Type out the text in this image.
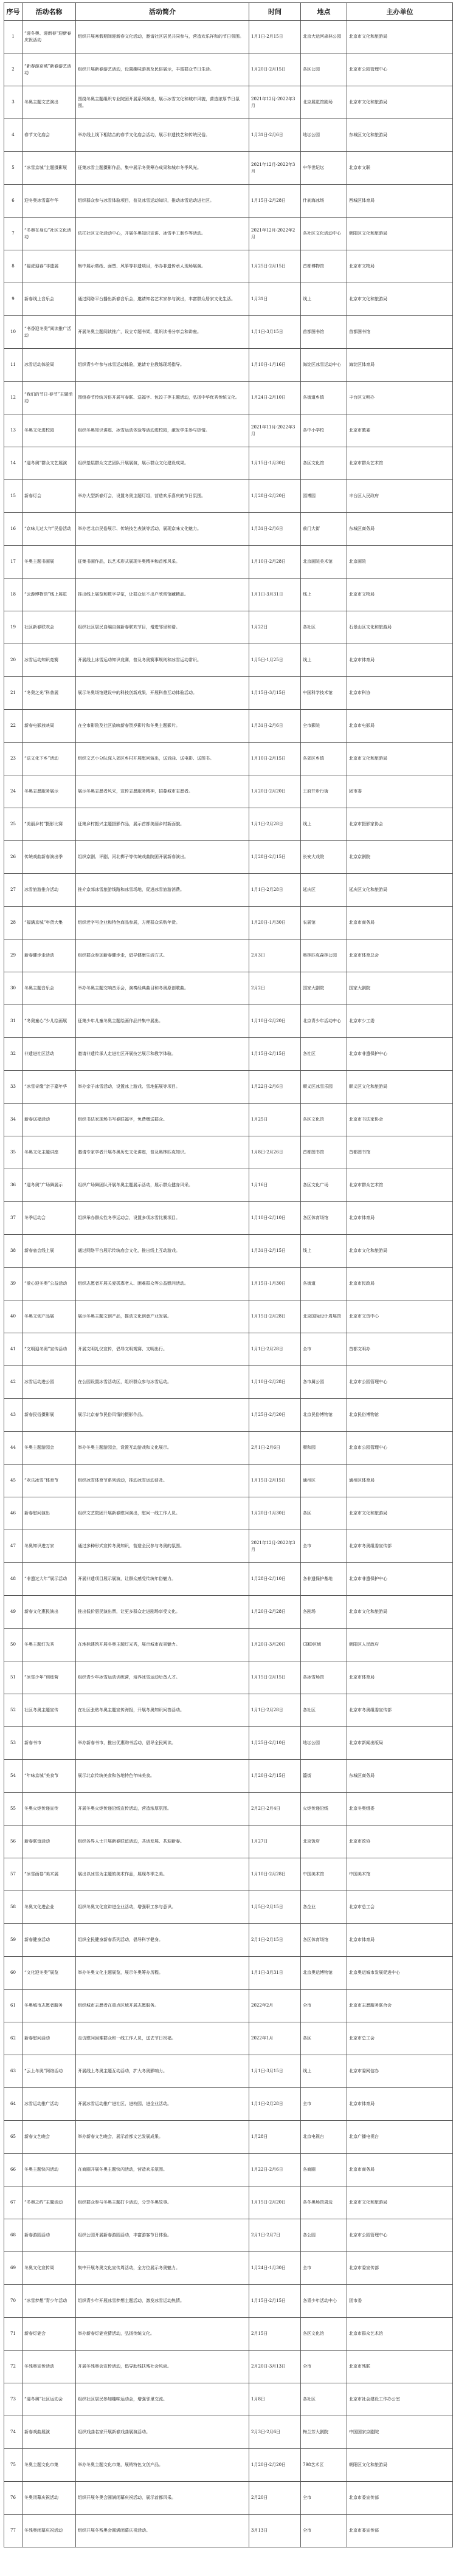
序号	活动名称	活动简介	时间	地点	主办单位
1	“迎冬奥、迎新春”迎新春庆祝活动	组织开展寒假期间迎新春文化活动，邀请社区居民共同参与，营造欢乐祥和的节日氛围。	1月1日-2月15日	北京大运河森林公园	北京市文化和旅游局
2	“新春游京城”新春游艺活动	组织开展新春游艺活动，设置趣味游戏及民俗展示，丰富群众节日生活。	1月20日-2月15日	各区公园	北京市公园管理中心
3	冬奥主题文艺演出	围绕冬奥主题组织专业院团开展系列演出，展示冰雪文化和城市风貌，营造浓厚节日氛围。	2021年12月-2022年3月	北京展览馆剧场	北京市文化和旅游局
4	春节文化庙会	举办线上线下相结合的春节文化庙会活动，展示非遗技艺和传统民俗。	1月31日-2月6日	地坛公园	东城区文化和旅游局
5	“冰雪京城”主题摄影展	征集冰雪主题摄影作品，集中展示冬奥筹办成果和城市冬季风光。	2021年12月-2022年3月	中华世纪坛	北京市文联
6	迎冬奥冰雪嘉年华	组织群众参与冰雪体验项目，普及冰雪运动知识，推动冰雪运动进社区。	1月15日-2月28日	什刹海冰场	西城区体育局
7	“冬奥在身边”社区文化活动	依托社区文化活动中心，开展冬奥知识宣讲、冰雪手工制作等活动。	2021年12月-2022年2月	各社区文化活动中心	朝阳区文化和旅游局
8	“福虎迎春”非遗展	集中展示剪纸、面塑、风筝等非遗项目，举办非遗传承人现场展演。	1月25日-2月15日	首都博物馆	北京市文物局
9	新春线上音乐会	通过网络平台播出新春音乐会，邀请知名艺术家参与演出，丰富群众居家文化生活。	1月31日	线上	北京市文化和旅游局
10	“书香迎冬奥”阅读推广活动	开展冬奥主题阅读推广，设立专题书架，组织读书分享会和讲座。	1月1日-3月15日	首都图书馆	首都图书馆
11	冰雪运动体验周	组织青少年参与冰雪运动体验，邀请专业教练现场指导。	1月10日-1月16日	海淀区冰雪运动中心	海淀区体育局
12	“我们的节日·春节”主题活动	围绕春节传统习俗开展写春联、送福字、包饺子等主题活动，弘扬中华优秀传统文化。	1月24日-2月10日	各街道乡镇	丰台区文明办
13	冬奥文化进校园	组织冬奥知识讲座、冰雪运动体验等活动进校园，激发学生参与热情。	2021年11月-2022年3月	各中小学校	北京市教委
14	“迎冬奥”群众文艺展演	组织基层群众文艺团队开展展演，展示群众文化建设成果。	1月15日-1月30日	各区文化馆	北京市群众艺术馆
15	新春灯会	举办大型新春灯会，设置冬奥主题灯组，营造欢乐喜庆的节日氛围。	1月28日-2月20日	园博园	丰台区人民政府
16	“京味儿过大年”民俗活动	举办老北京民俗展示、传统技艺表演等活动，展现京味文化魅力。	1月31日-2月6日	前门大街	东城区商务局
17	冬奥主题书画展	征集书画作品，以艺术形式展现冬奥精神和首都风采。	1月10日-2月28日	北京画院美术馆	北京画院
18	“云游博物馆”线上展览	推出线上展览和数字导览，让群众足不出户欣赏馆藏精品。	1月1日-3月31日	线上	北京市文物局
19	社区新春联欢会	组织社区居民自编自演新春联欢节目，增进邻里和谐。	1月22日	各社区	石景山区文化和旅游局
20	冰雪运动知识竞赛	开展线上冰雪运动知识竞赛，普及冬奥赛事规则和冰雪运动常识。	1月5日-1月25日	线上	北京市体育局
21	“冬奥之光”科普展	展示冬奥场馆建设中的科技创新成果，开展科普互动体验活动。	1月15日-3月15日	中国科学技术馆	北京市科协
22	新春电影放映周	在全市影院及社区放映新春贺岁影片和冬奥主题影片。	1月31日-2月6日	全市影院	北京市电影局
23	“送文化下乡”活动	组织文艺小分队深入郊区乡村开展慰问演出，送戏曲、送电影、送图书。	1月10日-2月15日	各郊区乡镇	北京市文化和旅游局
24	冬奥志愿服务展示	展示冬奥志愿者风采，宣传志愿服务精神，招募城市志愿者。	1月20日-2月20日	王府井步行街	团市委
25	“美丽乡村”摄影比赛	征集乡村振兴主题摄影作品，展示首都美丽乡村新面貌。	1月1日-2月28日	线上	北京市摄影家协会
26	传统戏曲新春演出季	组织京剧、评剧、河北梆子等传统戏曲院团开展新春演出。	1月28日-2月15日	长安大戏院	北京京剧院
27	冰雪旅游推介活动	推介京郊冰雪旅游线路和冰雪场地，促进冰雪旅游消费。	1月1日-2月28日	延庆区	延庆区文化和旅游局
28	“福满京城”年货大集	组织老字号企业和特色商品参展，方便群众采购年货。	1月20日-1月30日	农展馆	北京市商务局
29	新春健步走活动	组织群众参加新春健步走，倡导健康生活方式。	2月3日	奥林匹克森林公园	北京市体育总会
30	冬奥主题音乐会	举办冬奥主题交响音乐会，演奏经典曲目和冬奥原创歌曲。	2月2日	国家大剧院	国家大剧院
31	“冬奥童心”少儿绘画展	征集少年儿童冬奥主题绘画作品并集中展出。	1月10日-2月20日	北京青少年活动中心	北京市少工委
32	非遗进社区活动	邀请非遗传承人走进社区开展技艺展示和教学体验。	1月15日-2月15日	各社区	北京市非遗保护中心
33	“冰雪奇缘”亲子嘉年华	举办亲子冰雪活动，设置冰上游戏、雪地拓展等项目。	1月22日-2月6日	顺义区冰雪乐园	顺义区文化和旅游局
34	新春送福活动	组织书法家现场书写春联福字，免费赠送群众。	1月25日	各区文化馆	北京市书法家协会
35	冬奥文化主题讲座	邀请专家学者开展冬奥历史文化讲座，普及奥林匹克知识。	1月8日-2月26日	首都图书馆	首都图书馆
36	“迎冬奥”广场舞展示	组织广场舞团队开展冬奥主题展示活动，展示群众健身风采。	1月16日	各区文化广场	北京市群众艺术馆
37	冬季运动会	组织举办群众性冬季运动会，设置多项冰雪比赛项目。	1月10日-2月10日	各区体育场馆	北京市体育局
38	新春庙会线上展	通过网络平台展示传统庙会文化，推出线上互动游戏。	1月31日-2月15日	线上	北京市文化和旅游局
39	“爱心迎冬奥”公益活动	组织志愿者开展关爱孤寡老人、困难群众等公益慰问活动。	1月15日-1月30日	各街道	北京市民政局
40	冬奥文创产品展	展示冬奥主题文创产品，推动文化创意产业发展。	1月15日-2月28日	北京国际设计周展馆	北京市文资中心
41	“文明迎冬奥”宣传活动	开展文明礼仪宣传，倡导文明观赛、文明出行。	1月1日-2月28日	全市	首都文明办
42	冰雪运动进公园	在公园设置冰雪活动区，组织群众参与冰雪运动。	1月10日-2月28日	各市属公园	北京市公园管理中心
43	新春民俗摄影展	展示北京春节民俗风情的摄影作品。	1月25日-2月20日	北京民俗博物馆	北京民俗博物馆
44	冬奥主题游园会	举办冬奥主题游园会，设置互动游戏和文化展示。	2月1日-2月6日	颐和园	北京市公园管理中心
45	“欢乐冰雪”体育节	组织冰雪体育节系列活动，推动冰雪运动普及。	1月15日-2月15日	通州区	通州区体育局
46	新春慰问演出	组织文艺院团开展新春慰问演出，慰问一线工作人员。	1月20日-1月30日	各区	北京市文化和旅游局
47	冬奥知识进万家	通过多种形式宣传冬奥知识，营造全民参与冬奥的氛围。	2021年12月-2022年3月	全市	北京市冬奥组委宣传部
48	“非遗过大年”展示活动	开展非遗项目展示展演，让群众感受传统年俗魅力。	1月28日-2月10日	各非遗保护基地	北京市非遗保护中心
49	新春文化惠民演出	推出低价惠民演出票，让更多群众走进剧场享受文化。	1月20日-2月28日	各剧场	北京市文化和旅游局
50	冬奥主题灯光秀	在地标建筑开展冬奥主题灯光秀，展示城市夜景魅力。	1月20日-3月20日	CBD区域	朝阳区人民政府
51	“冰雪少年”训练营	组织青少年冰雪运动训练营，培养冰雪运动后备人才。	1月15日-2月15日	各冰雪场馆	北京市体育局
52	社区冬奥主题宣传	在社区张贴冬奥主题宣传海报，开展冬奥知识问答活动。	1月1日-2月28日	各社区	北京市冬奥组委宣传部
53	新春书市	举办新春书市，推出优惠购书活动，倡导全民阅读。	1月25日-2月10日	地坛公园	北京市新闻出版局
54	“年味京城”美食节	展示北京传统美食和各地特色年味美食。	1月20日-2月15日	簋街	东城区商务局
55	冬奥火炬传递宣传	开展冬奥火炬传递沿线宣传活动，营造浓厚氛围。	2月2日-2月4日	火炬传递沿线	北京冬奥组委
56	新春联谊活动	组织各界人士开展新春联谊活动，共话发展、共迎新春。	1月27日	北京饭店	北京市政协
57	“冰雪画卷”美术展	展出以冰雪为主题的美术作品，展现冬季之美。	1月10日-2月28日	中国美术馆	中国美术馆
58	冬奥文化进企业	组织冬奥文化宣讲进企业活动，增强职工参与意识。	1月5日-2月15日	各企业	北京市总工会
59	新春健身活动	组织全民健身新春系列活动，倡导科学健身。	2月1日-2月15日	各区体育场馆	北京市体育局
60	“文化迎冬奥”展览	举办冬奥文化主题展览，展示冬奥筹办历程。	1月1日-3月31日	北京奥运博物馆	北京奥运城市发展促进中心
61	冬奥城市志愿者服务	组织城市志愿者在重点区域开展志愿服务。	2022年2月	全市	北京市志愿服务联合会
62	新春慰问活动	走访慰问困难群众和一线工作人员，送去节日祝福。	2022年1月	各区	北京市总工会
63	“云上冬奥”网络活动	开展线上冬奥主题互动活动，扩大冬奥影响力。	1月1日-3月15日	线上	北京市委网信办
64	冰雪运动推广活动	开展冰雪运动推广进社区、进校园、进企业活动。	1月1日-2月28日	全市	北京市体育局
65	新春文艺晚会	举办新春文艺晚会，展示首都文艺发展成果。	1月28日	北京电视台	北京广播电视台
66	冬奥主题快闪活动	在商圈开展冬奥主题快闪活动，营造欢乐氛围。	1月22日-2月6日	各商圈	北京市商务局
67	“冬奥之约”主题活动	组织群众参与冬奥主题打卡活动，分享冬奥故事。	1月15日-2月20日	各冬奥场馆周边	北京市文化和旅游局
68	新春游园活动	组织公园开展新春游园活动，丰富游客节日体验。	2月1日-2月7日	各公园	北京市公园管理中心
69	冬奥文化宣传周	集中开展冬奥文化宣传周活动，全方位展示冬奥魅力。	1月24日-1月30日	全市	北京市委宣传部
70	“冰雪梦想”青少年活动	组织青少年开展冰雪梦想主题活动，激发冰雪运动热情。	1月15日-2月15日	各青少年活动中心	团市委
71	新春灯谜会	举办新春灯谜竞猜活动，弘扬传统文化。	2月15日	各区文化馆	北京市群众艺术馆
72	冬残奥宣传活动	开展冬残奥会宣传活动，倡导助残扶残社会风尚。	2月20日-3月13日	全市	北京市残联
73	“迎冬奥”社区运动会	组织社区居民参加趣味运动会，增强邻里交流。	1月8日	各社区	北京市社会建设工作办公室
74	新春戏曲展演	组织戏曲名家开展新春戏曲展演活动。	2月3日-2月6日	梅兰芳大剧院	中国国家京剧院
75	冬奥主题文化市集	举办冬奥主题文化市集，展销特色文创产品。	1月20日-2月20日	798艺术区	朝阳区文化和旅游局
76	冬奥闭幕庆祝活动	组织开展冬奥会圆满闭幕庆祝活动，展示首都风采。	2月20日	全市	北京市委宣传部
77	冬残奥闭幕庆祝活动	组织开展冬残奥会圆满闭幕庆祝活动。	3月13日	全市	北京市委宣传部
